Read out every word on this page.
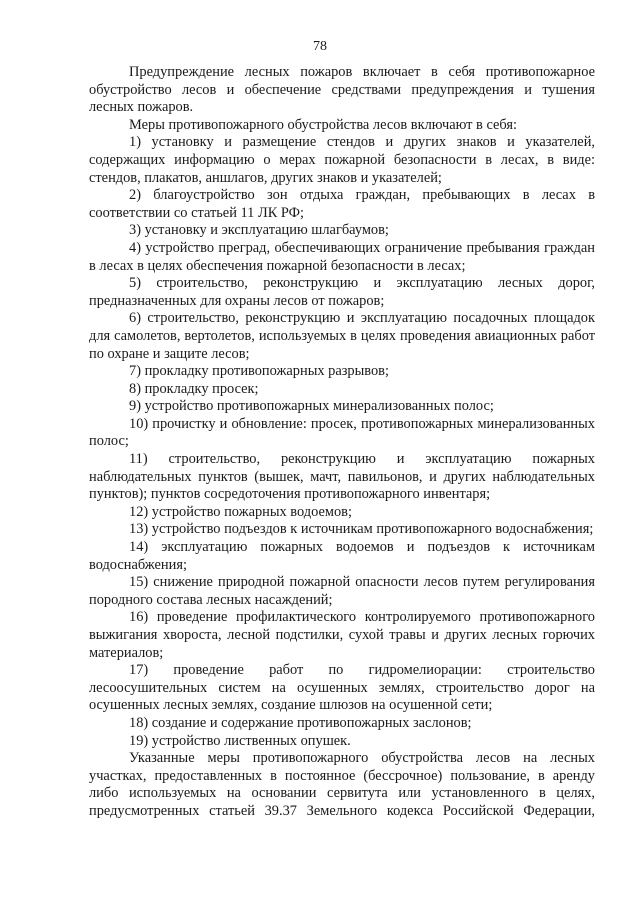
78

Предупреждение лесных пожаров включает в себя противопожарное обустройство лесов и обеспечение средствами предупреждения и тушения лесных пожаров.

Меры противопожарного обустройства лесов включают в себя:

1) установку и размещение стендов и других знаков и указателей, содержащих информацию о мерах пожарной безопасности в лесах, в виде: стендов, плакатов, аншлагов, других знаков и указателей;

2) благоустройство зон отдыха граждан, пребывающих в лесах в соответствии со статьей 11 ЛК РФ;

3) установку и эксплуатацию шлагбаумов;

4) устройство преград, обеспечивающих ограничение пребывания граждан в лесах в целях обеспечения пожарной безопасности в лесах;

5) строительство, реконструкцию и эксплуатацию лесных дорог, предназначенных для охраны лесов от пожаров;

6) строительство, реконструкцию и эксплуатацию посадочных площадок для самолетов, вертолетов, используемых в целях проведения авиационных работ по охране и защите лесов;

7) прокладку противопожарных разрывов;

8) прокладку просек;

9) устройство противопожарных минерализованных полос;

10) прочистку и обновление: просек, противопожарных минерализованных полос;

11) строительство, реконструкцию и эксплуатацию пожарных наблюдательных пунктов (вышек, мачт, павильонов, и других наблюдательных пунктов); пунктов сосредоточения противопожарного инвентаря;

12) устройство пожарных водоемов;

13) устройство подъездов к источникам противопожарного водоснабжения;

14) эксплуатацию пожарных водоемов и подъездов к источникам водоснабжения;

15) снижение природной пожарной опасности лесов путем регулирования породного состава лесных насаждений;

16) проведение профилактического контролируемого противопожарного выжигания хвороста, лесной подстилки, сухой травы и других лесных горючих материалов;

17) проведение работ по гидромелиорации: строительство лесоосушительных систем на осушенных землях, строительство дорог на осушенных лесных землях, создание шлюзов на осушенной сети;

18) создание и содержание противопожарных заслонов;

19) устройство лиственных опушек.

Указанные меры противопожарного обустройства лесов на лесных участках, предоставленных в постоянное (бессрочное) пользование, в аренду либо используемых на основании сервитута или установленного в целях, предусмотренных статьей 39.37 Земельного кодекса Российской Федерации,
